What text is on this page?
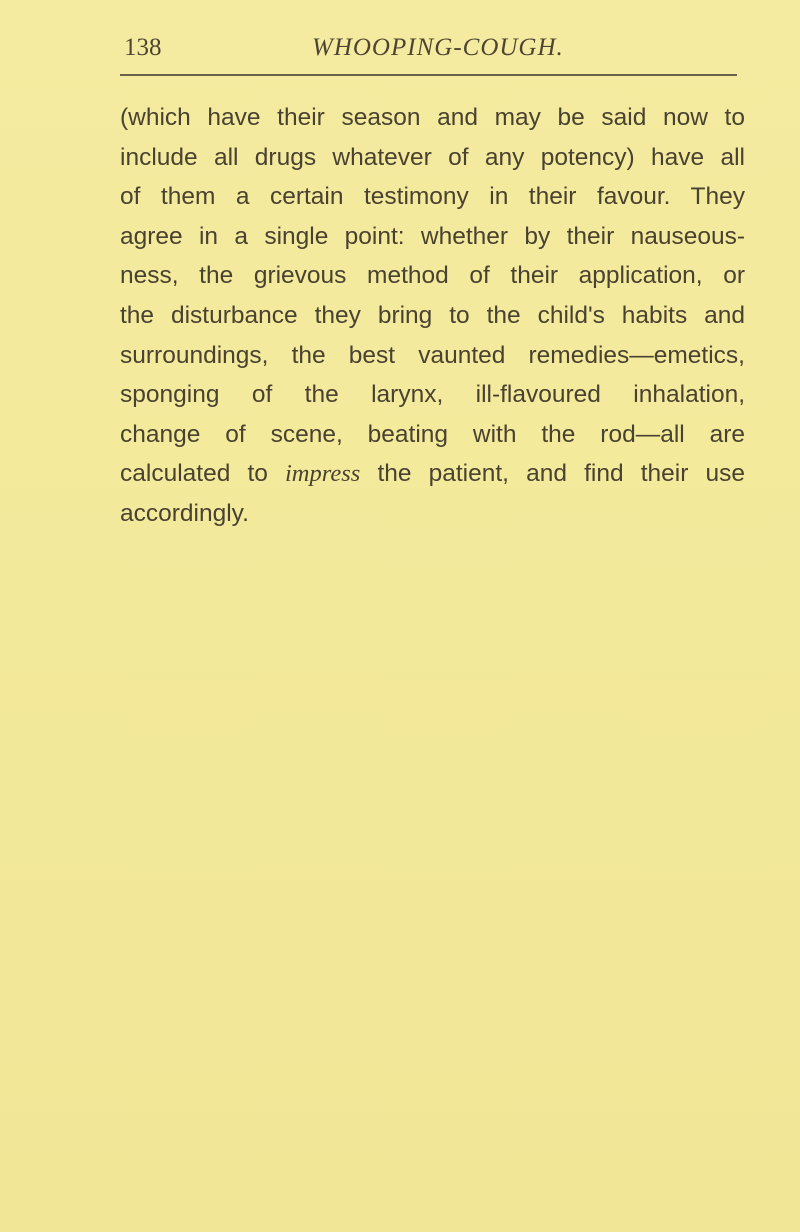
138	WHOOPING-COUGH.
(which have their season and may be said now to
include all drugs whatever of any potency) have all
of them a certain testimony in their favour. They
agree in a single point: whether by their nauseous-
ness, the grievous method of their application, or
the disturbance they bring to the child's habits and
surroundings, the best vaunted remedies—emetics,
sponging of the larynx, ill-flavoured inhalation,
change of scene, beating with the rod—all are
calculated to impress the patient, and find their use
accordingly.
